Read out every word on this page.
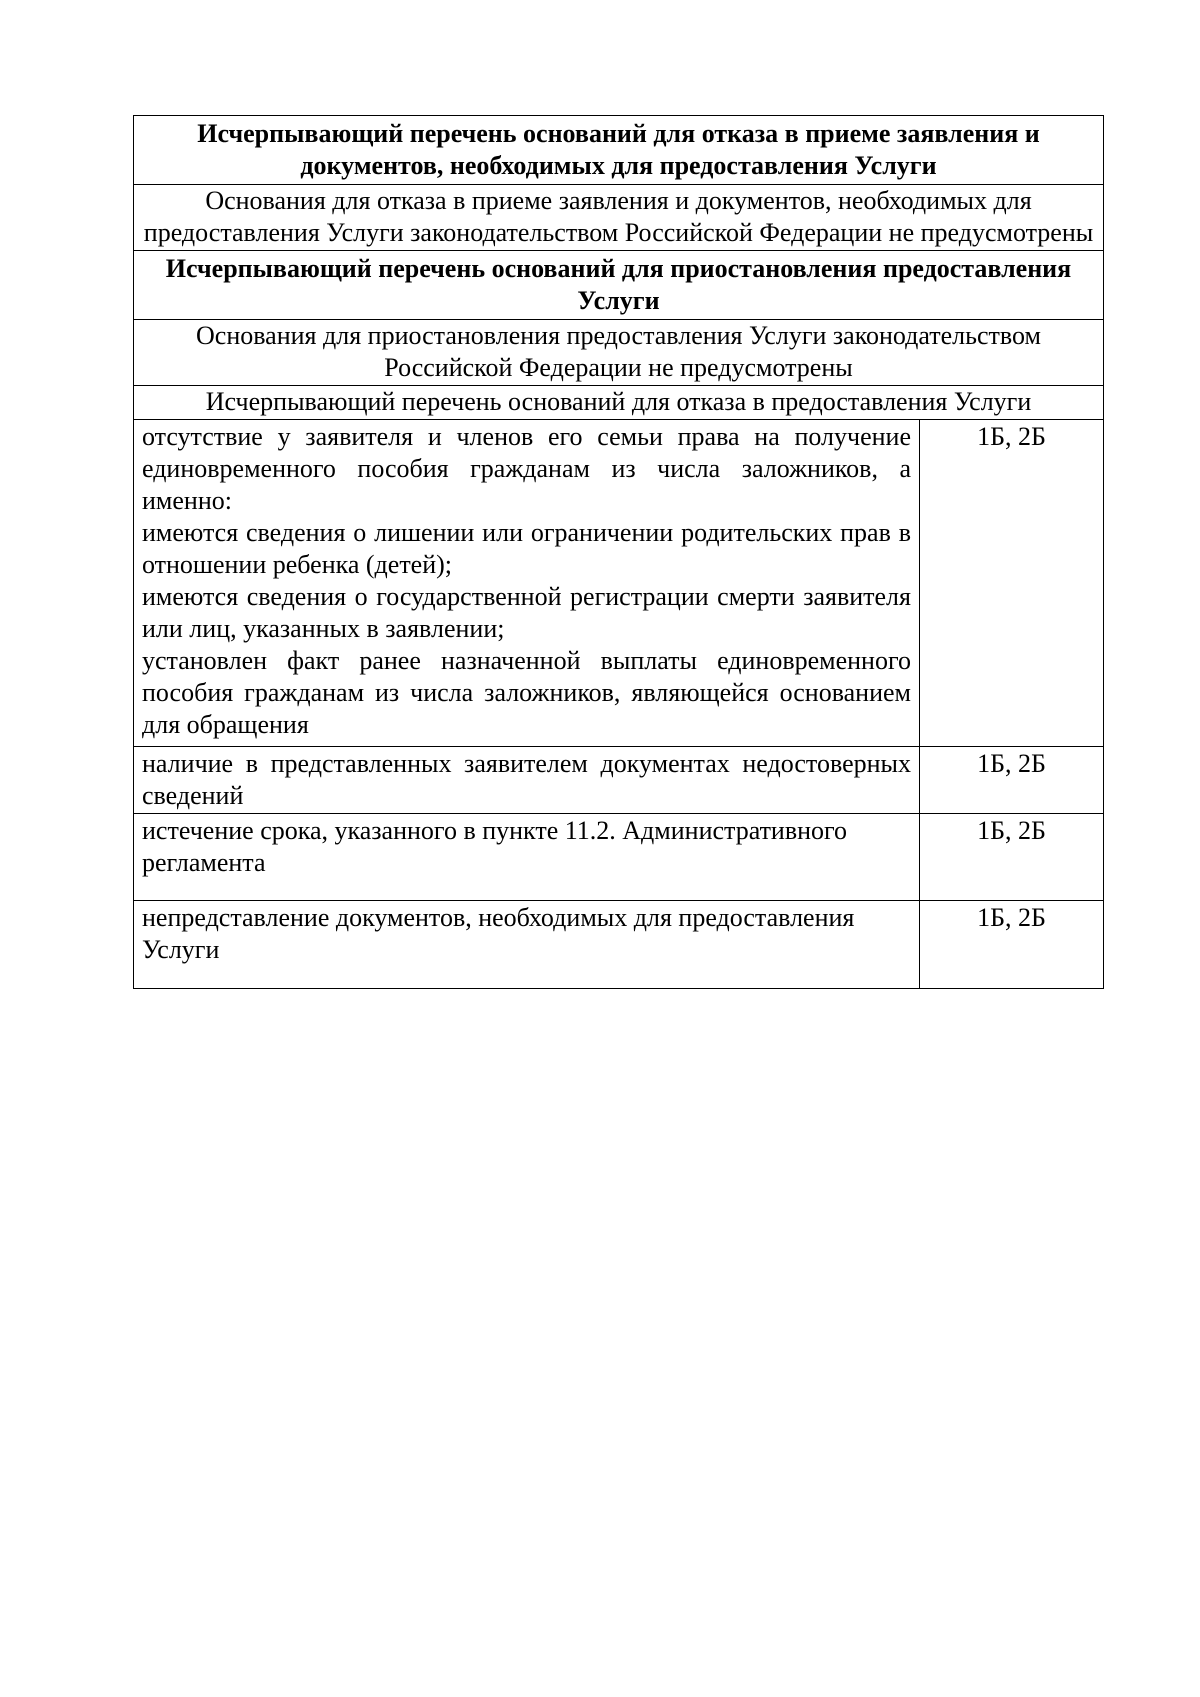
Исчерпывающий перечень оснований для отказа в приеме заявления и документов, необходимых для предоставления Услуги	
Основания для отказа в приеме заявления и документов, необходимых для предоставления Услуги законодательством Российской Федерации не предусмотрены	
Исчерпывающий перечень оснований для приостановления предоставления Услуги	
Основания для приостановления предоставления Услуги законодательством Российской Федерации не предусмотрены	
Исчерпывающий перечень оснований для отказа в предоставления Услуги	

отсутствие у заявителя и членов его семьи права на получение единовременного пособия гражданам из числа заложников, а именно:
имеются сведения о лишении или ограничении родительских прав в отношении ребенка (детей);
имеются сведения о государственной регистрации смерти заявителя или лиц, указанных в заявлении;
установлен факт ранее назначенной выплаты единовременного пособия гражданам из числа заложников, являющейся основанием для обращения	1Б, 2Б
наличие в представленных заявителем документах недостоверных сведений	1Б, 2Б
истечение срока, указанного в пункте 11.2. Административного регламента	1Б, 2Б
непредставление документов, необходимых для предоставления Услуги	1Б, 2Б
